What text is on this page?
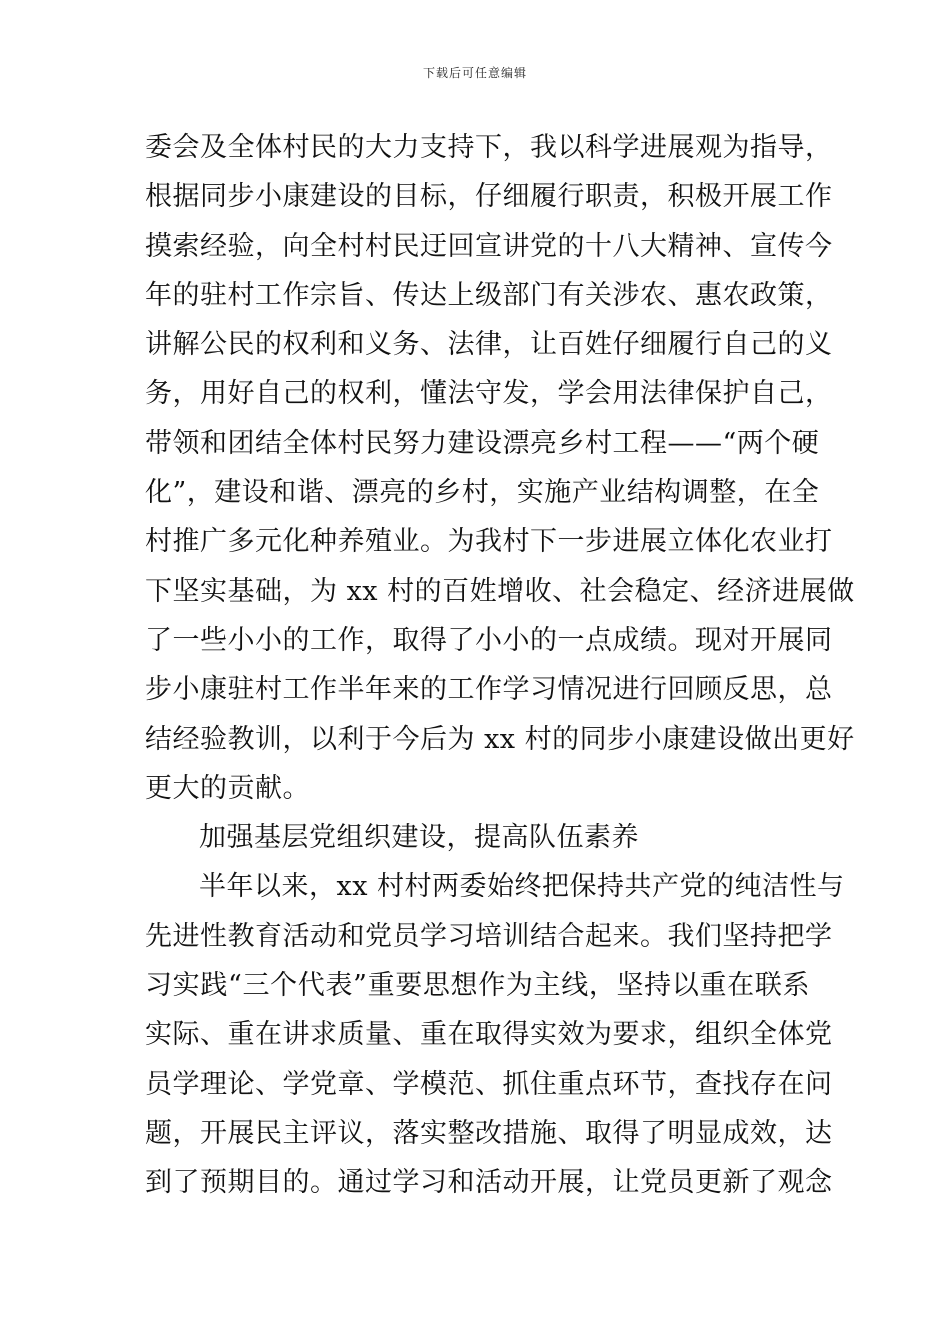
下载后可任意编辑
委会及全体村民的大力支持下，我以科学进展观为指导，
根据同步小康建设的目标，仔细履行职责，积极开展工作
摸索经验，向全村村民迂回宣讲党的十八大精神、宣传今
年的驻村工作宗旨、传达上级部门有关涉农、惠农政策，
讲解公民的权利和义务、法律，让百姓仔细履行自己的义
务，用好自己的权利，懂法守发，学会用法律保护自己，
带领和团结全体村民努力建设漂亮乡村工程——“两个硬
化”，建设和谐、漂亮的乡村，实施产业结构调整，在全
村推广多元化种养殖业。为我村下一步进展立体化农业打
下坚实基础，为 xx 村的百姓增收、社会稳定、经济进展做
了一些小小的工作，取得了小小的一点成绩。现对开展同
步小康驻村工作半年来的工作学习情况进行回顾反思，总
结经验教训，以利于今后为 xx 村的同步小康建设做出更好
更大的贡献。
加强基层党组织建设，提高队伍素养
半年以来，xx 村村两委始终把保持共产党的纯洁性与
先进性教育活动和党员学习培训结合起来。我们坚持把学
习实践“三个代表”重要思想作为主线，坚持以重在联系
实际、重在讲求质量、重在取得实效为要求，组织全体党
员学理论、学党章、学模范、抓住重点环节，查找存在问
题，开展民主评议，落实整改措施、取得了明显成效，达
到了预期目的。通过学习和活动开展，让党员更新了观念
